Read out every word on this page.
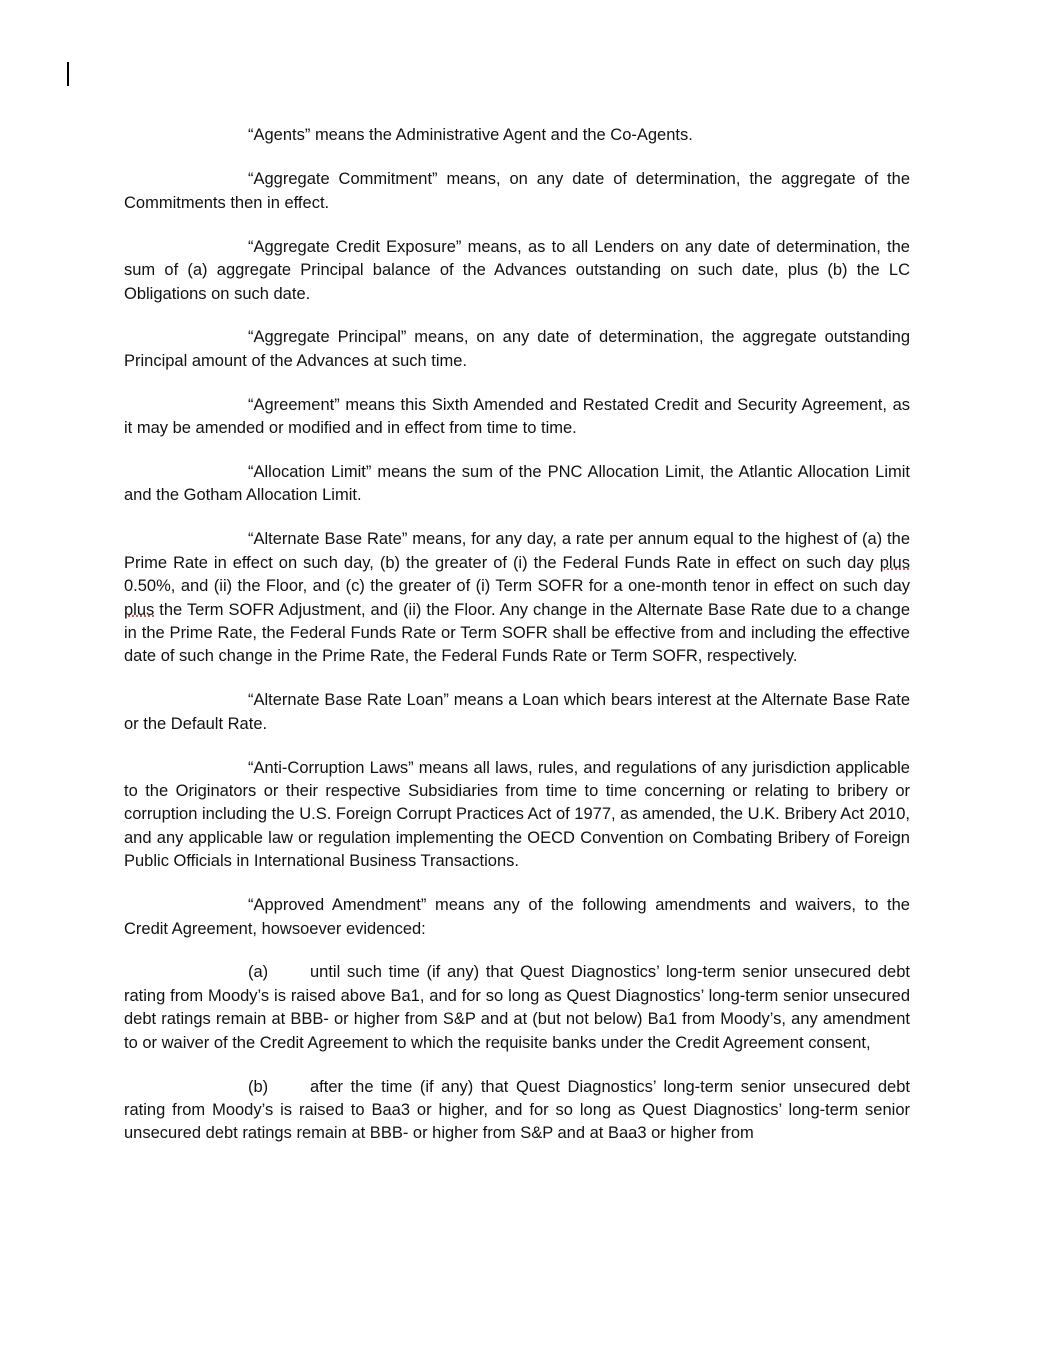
“Agents” means the Administrative Agent and the Co-Agents.

“Aggregate Commitment” means, on any date of determination, the aggregate of the Commitments then in effect.

“Aggregate Credit Exposure” means, as to all Lenders on any date of determination, the sum of (a) aggregate Principal balance of the Advances outstanding on such date, plus (b) the LC Obligations on such date.

“Aggregate Principal” means, on any date of determination, the aggregate outstanding Principal amount of the Advances at such time.

“Agreement” means this Sixth Amended and Restated Credit and Security Agreement, as it may be amended or modified and in effect from time to time.

“Allocation Limit” means the sum of the PNC Allocation Limit, the Atlantic Allocation Limit and the Gotham Allocation Limit.

“Alternate Base Rate” means, for any day, a rate per annum equal to the highest of (a) the Prime Rate in effect on such day, (b) the greater of (i) the Federal Funds Rate in effect on such day plus 0.50%, and (ii) the Floor, and (c) the greater of (i) Term SOFR for a one-month tenor in effect on such day plus the Term SOFR Adjustment, and (ii) the Floor. Any change in the Alternate Base Rate due to a change in the Prime Rate, the Federal Funds Rate or Term SOFR shall be effective from and including the effective date of such change in the Prime Rate, the Federal Funds Rate or Term SOFR, respectively.

“Alternate Base Rate Loan” means a Loan which bears interest at the Alternate Base Rate or the Default Rate.

“Anti-Corruption Laws” means all laws, rules, and regulations of any jurisdiction applicable to the Originators or their respective Subsidiaries from time to time concerning or relating to bribery or corruption including the U.S. Foreign Corrupt Practices Act of 1977, as amended, the U.K. Bribery Act 2010, and any applicable law or regulation implementing the OECD Convention on Combating Bribery of Foreign Public Officials in International Business Transactions.

“Approved Amendment” means any of the following amendments and waivers, to the Credit Agreement, howsoever evidenced:

(a)	until such time (if any) that Quest Diagnostics’ long-term senior unsecured debt rating from Moody’s is raised above Ba1, and for so long as Quest Diagnostics’ long-term senior unsecured debt ratings remain at BBB- or higher from S&P and at (but not below) Ba1 from Moody’s, any amendment to or waiver of the Credit Agreement to which the requisite banks under the Credit Agreement consent,

(b)	after the time (if any) that Quest Diagnostics’ long-term senior unsecured debt rating from Moody’s is raised to Baa3 or higher, and for so long as Quest Diagnostics’ long-term senior unsecured debt ratings remain at BBB- or higher from S&P and at Baa3 or higher from
